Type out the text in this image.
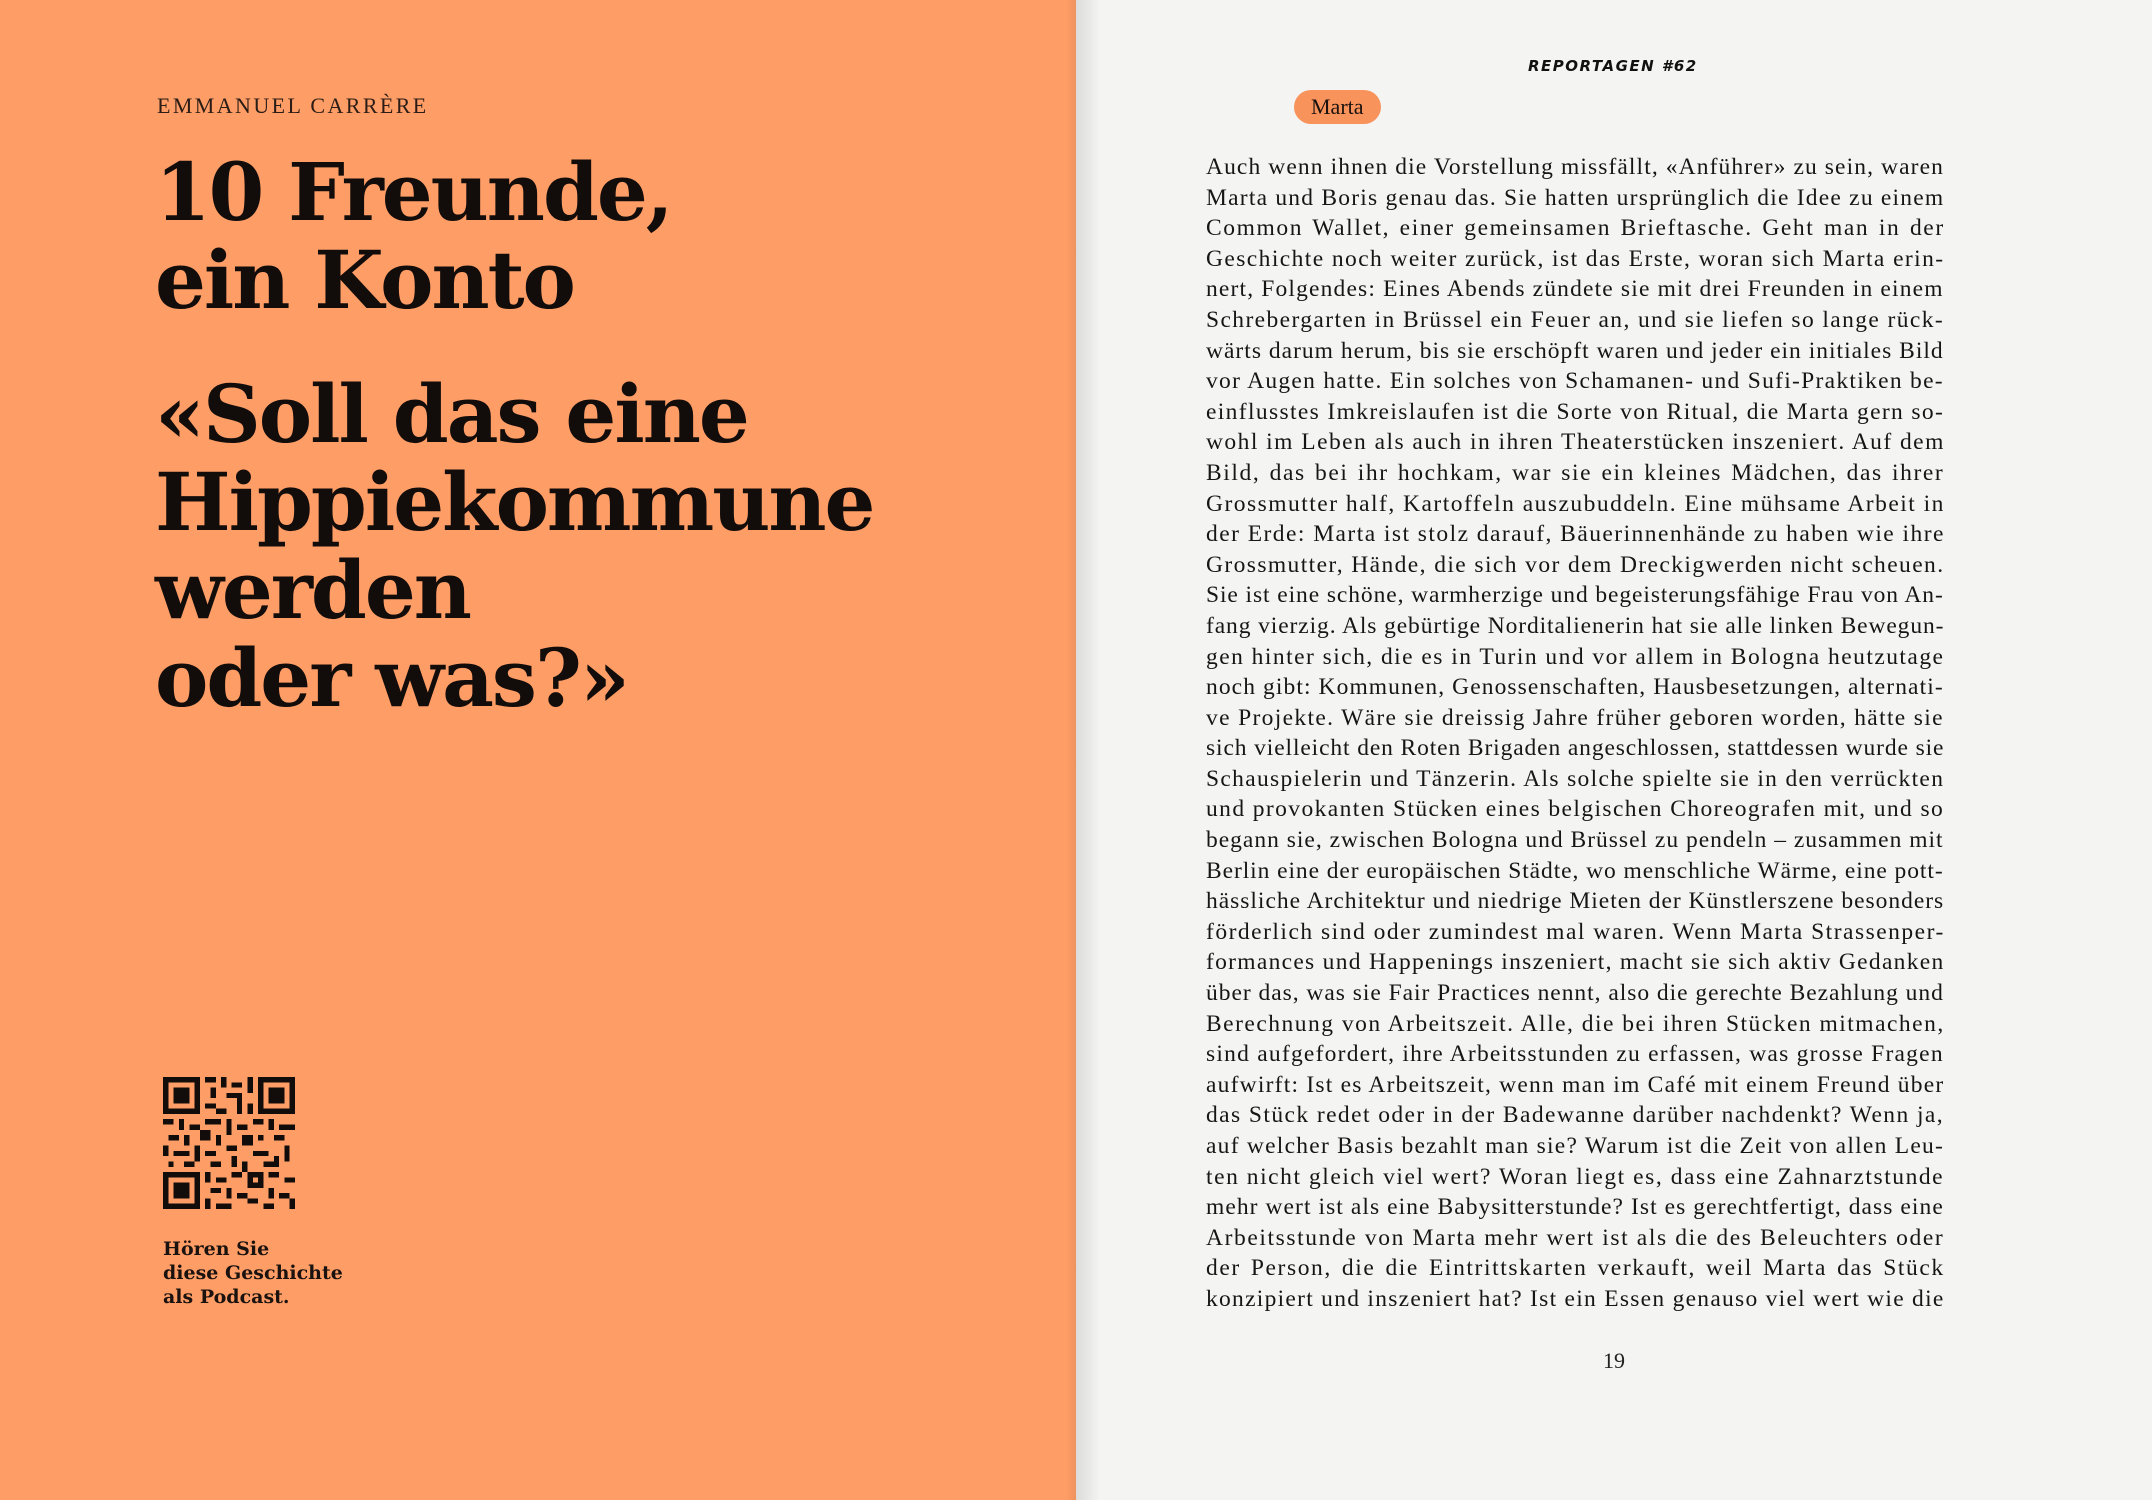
EMMANUEL CARRÈRE
10 Freunde,
ein Konto
«Soll das eine
Hippiekommune
werden
oder was?»
Hören Sie
diese Geschichte
als Podcast.
REPORTAGEN #62
Marta
Auch wenn ihnen die Vorstellung missfällt, «Anführer» zu sein, waren
Marta und Boris genau das. Sie hatten ursprünglich die Idee zu einem
Common Wallet, einer gemeinsamen Brieftasche. Geht man in der
Geschichte noch weiter zurück, ist das Erste, woran sich Marta erin-
nert, Folgendes: Eines Abends zündete sie mit drei Freunden in einem
Schrebergarten in Brüssel ein Feuer an, und sie liefen so lange rück-
wärts darum herum, bis sie erschöpft waren und jeder ein initiales Bild
vor Augen hatte. Ein solches von Schamanen- und Sufi-Praktiken be-
einflusstes Imkreislaufen ist die Sorte von Ritual, die Marta gern so-
wohl im Leben als auch in ihren Theaterstücken inszeniert. Auf dem
Bild, das bei ihr hochkam, war sie ein kleines Mädchen, das ihrer
Grossmutter half, Kartoffeln auszubuddeln. Eine mühsame Arbeit in
der Erde: Marta ist stolz darauf, Bäuerinnenhände zu haben wie ihre
Grossmutter, Hände, die sich vor dem Dreckigwerden nicht scheuen.
Sie ist eine schöne, warmherzige und begeisterungsfähige Frau von An-
fang vierzig. Als gebürtige Norditalienerin hat sie alle linken Bewegun-
gen hinter sich, die es in Turin und vor allem in Bologna heutzutage
noch gibt: Kommunen, Genossenschaften, Hausbesetzungen, alternati-
ve Projekte. Wäre sie dreissig Jahre früher geboren worden, hätte sie
sich vielleicht den Roten Brigaden angeschlossen, stattdessen wurde sie
Schauspielerin und Tänzerin. Als solche spielte sie in den verrückten
und provokanten Stücken eines belgischen Choreografen mit, und so
begann sie, zwischen Bologna und Brüssel zu pendeln – zusammen mit
Berlin eine der europäischen Städte, wo menschliche Wärme, eine pott-
hässliche Architektur und niedrige Mieten der Künstlerszene besonders
förderlich sind oder zumindest mal waren. Wenn Marta Strassenper-
formances und Happenings inszeniert, macht sie sich aktiv Gedanken
über das, was sie Fair Practices nennt, also die gerechte Bezahlung und
Berechnung von Arbeitszeit. Alle, die bei ihren Stücken mitmachen,
sind aufgefordert, ihre Arbeitsstunden zu erfassen, was grosse Fragen
aufwirft: Ist es Arbeitszeit, wenn man im Café mit einem Freund über
das Stück redet oder in der Badewanne darüber nachdenkt? Wenn ja,
auf welcher Basis bezahlt man sie? Warum ist die Zeit von allen Leu-
ten nicht gleich viel wert? Woran liegt es, dass eine Zahnarztstunde
mehr wert ist als eine Babysitterstunde? Ist es gerechtfertigt, dass eine
Arbeitsstunde von Marta mehr wert ist als die des Beleuchters oder
der Person, die die Eintrittskarten verkauft, weil Marta das Stück
konzipiert und inszeniert hat? Ist ein Essen genauso viel wert wie die
19
